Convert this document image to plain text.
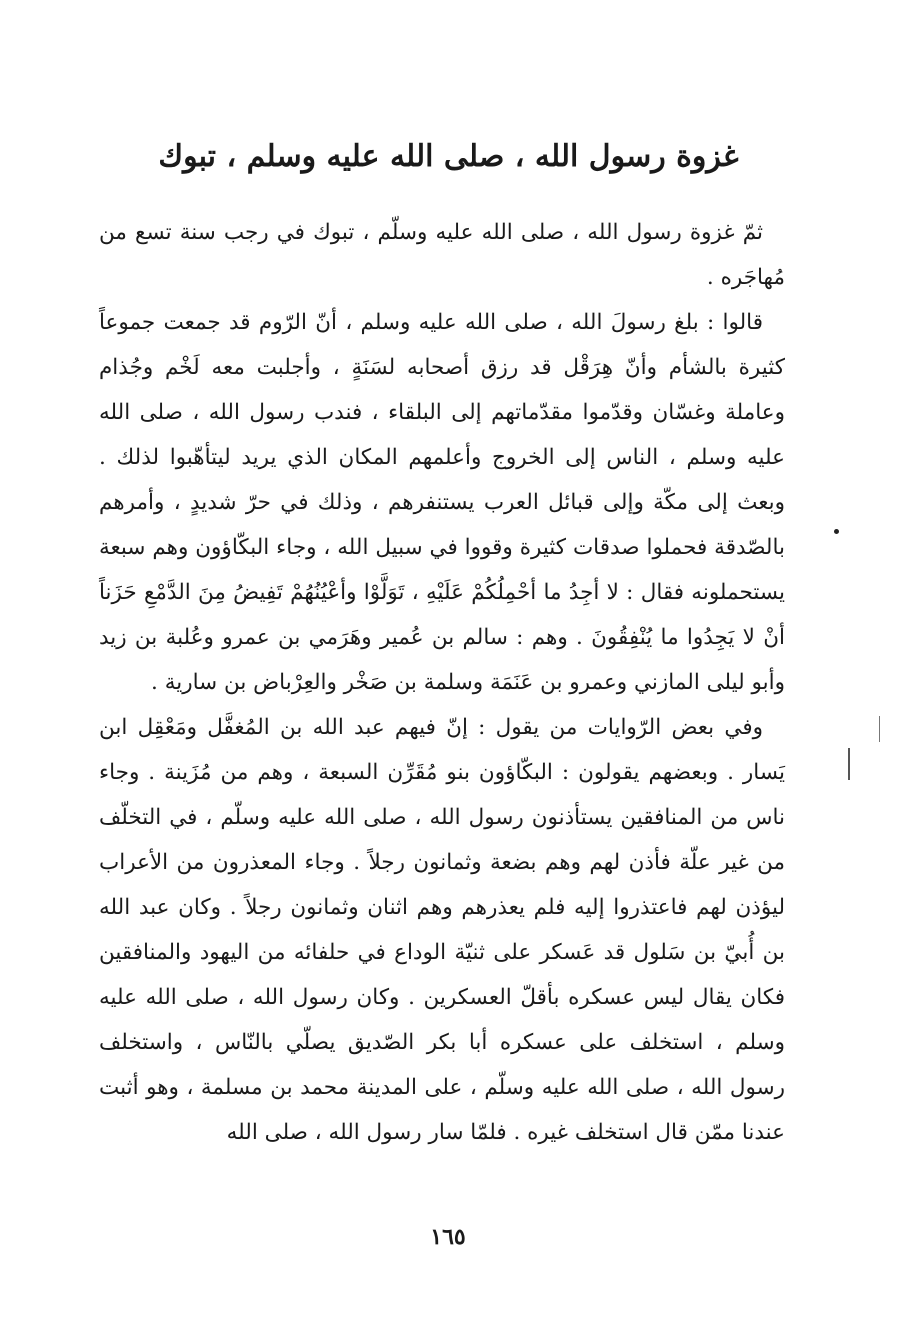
غزوة رسول الله ، صلى الله عليه وسلم ، تبوك

ثمّ غزوة رسول الله ، صلى الله عليه وسلّم ، تبوك في رجب سنة تسع من مُهاجَره .

قالوا : بلغ رسولَ الله ، صلى الله عليه وسلم ، أنّ الرّوم قد جمعت جموعاً كثيرة بالشأم وأنّ هِرَقْل قد رزق أصحابه لسَنَةٍ ، وأجلبت معه لَخْم وجُذام وعاملة وغسّان وقدّموا مقدّماتهم إلى البلقاء ، فندب رسول الله ، صلى الله عليه وسلم ، الناس إلى الخروج وأعلمهم المكان الذي يريد ليتأهّبوا لذلك . وبعث إلى مكّة وإلى قبائل العرب يستنفرهم ، وذلك في حرّ شديدٍ ، وأمرهم بالصّدقة فحملوا صدقات كثيرة وقووا في سبيل الله ، وجاء البكّاؤون وهم سبعة يستحملونه فقال : لا أجِدُ ما أحْمِلُكُمْ عَلَيْهِ ، تَوَلَّوْا وأعْيُنُهُمْ تَفِيضُ مِنَ الدَّمْعِ حَزَناً أنْ لا يَجِدُوا ما يُنْفِقُونَ . وهم : سالم بن عُمير وهَرَمي بن عمرو وعُلبة بن زيد وأبو ليلى المازني وعمرو بن عَنَمَة وسلمة بن صَخْر والعِرْباض بن سارية .

وفي بعض الرّوايات من يقول : إنّ فيهم عبد الله بن المُغفَّل ومَعْقِل ابن يَسار . وبعضهم يقولون : البكّاؤون بنو مُقَرِّن السبعة ، وهم من مُزَينة . وجاء ناس من المنافقين يستأذنون رسول الله ، صلى الله عليه وسلّم ، في التخلّف من غير علّة فأذن لهم وهم بضعة وثمانون رجلاً . وجاء المعذرون من الأعراب ليؤذن لهم فاعتذروا إليه فلم يعذرهم وهم اثنان وثمانون رجلاً . وكان عبد الله بن أُبيّ بن سَلول قد عَسكر على ثنيّة الوداع في حلفائه من اليهود والمنافقين فكان يقال ليس عسكره بأقلّ العسكرين . وكان رسول الله ، صلى الله عليه وسلم ، استخلف على عسكره أبا بكر الصّديق يصلّي بالنّاس ، واستخلف رسول الله ، صلى الله عليه وسلّم ، على المدينة محمد بن مسلمة ، وهو أثبت عندنا ممّن قال استخلف غيره . فلمّا سار رسول الله ، صلى الله

١٦٥
